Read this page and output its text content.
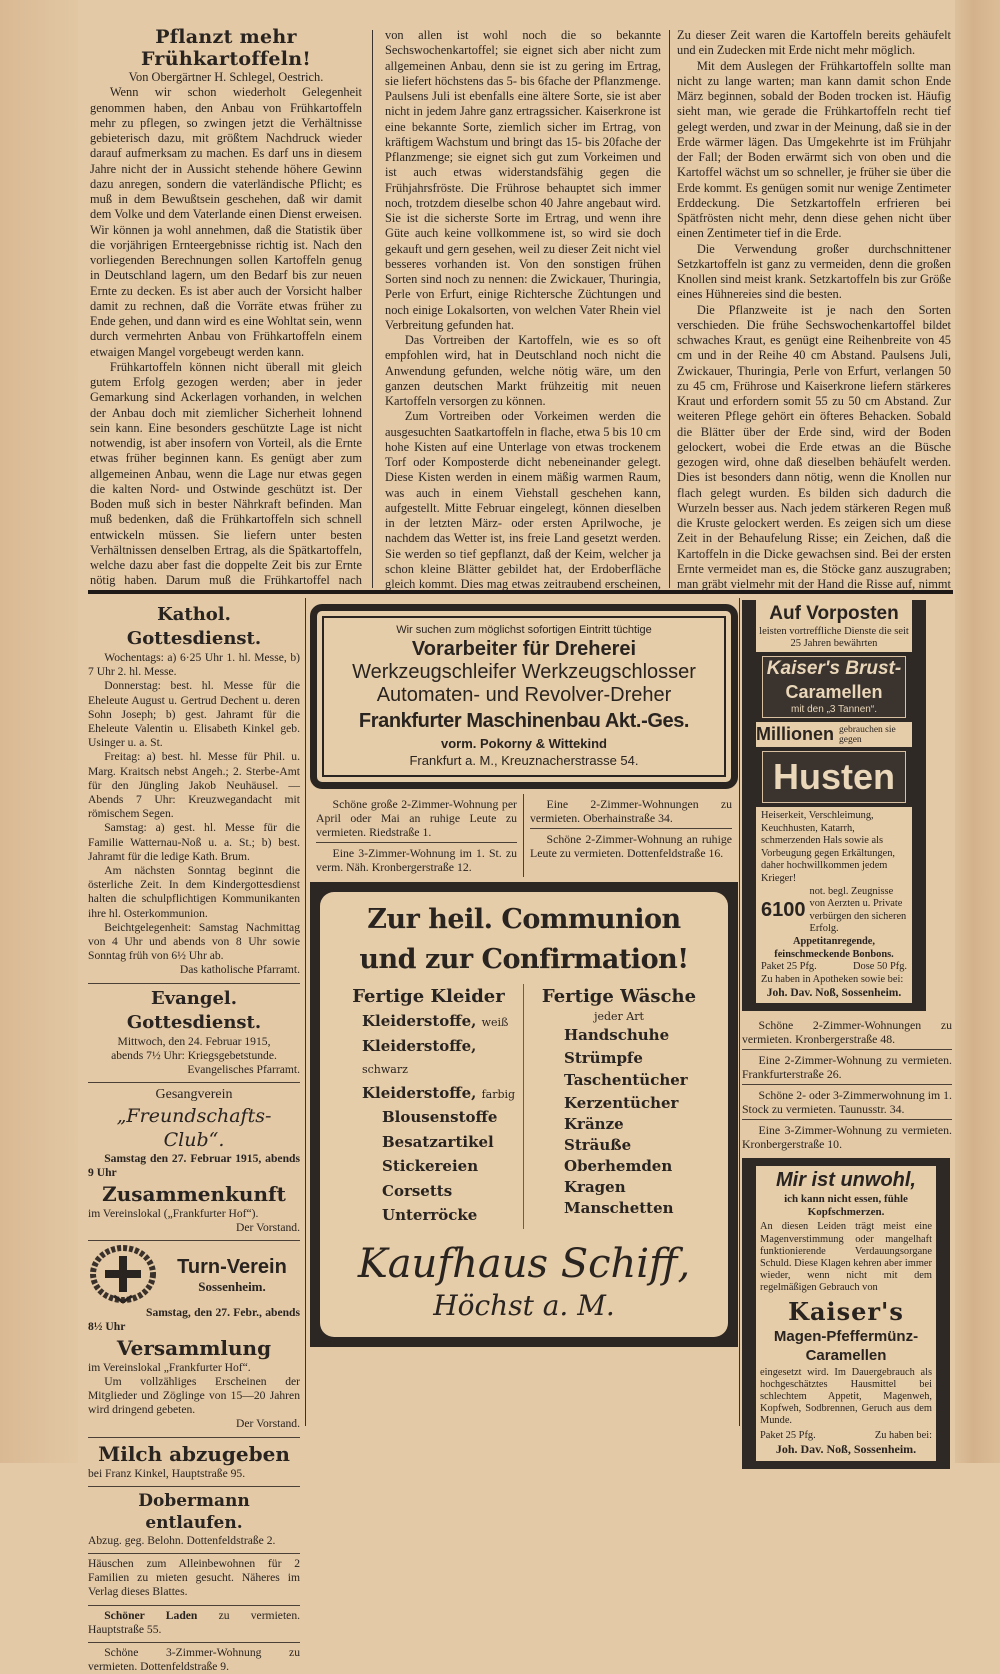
Pflanzt mehr Frühkartoffeln!

Von Obergärtner H. Schlegel, Oestrich.

Wenn wir schon wiederholt Gelegenheit genommen haben, den Anbau von Frühkartoffeln mehr zu pflegen, so zwingen jetzt die Verhältnisse gebieterisch dazu, mit größtem Nachdruck wieder darauf aufmerksam zu machen. Es darf uns in diesem Jahre nicht der in Aussicht stehende höhere Gewinn dazu anregen, sondern die vaterländische Pflicht; es muß in dem Bewußtsein geschehen, daß wir damit dem Volke und dem Vaterlande einen Dienst erweisen. Wir können ja wohl annehmen, daß die Statistik über die vorjährigen Ernteergebnisse richtig ist. Nach den vorliegenden Berechnungen sollen Kartoffeln genug in Deutschland lagern, um den Bedarf bis zur neuen Ernte zu decken. Es ist aber auch der Vorsicht halber damit zu rechnen, daß die Vorräte etwas früher zu Ende gehen, und dann wird es eine Wohltat sein, wenn durch vermehrten Anbau von Frühkartoffeln einem etwaigen Mangel vorgebeugt werden kann.

Frühkartoffeln können nicht überall mit gleich gutem Erfolg gezogen werden; aber in jeder Gemarkung sind Ackerlagen vorhanden, in welchen der Anbau doch mit ziemlicher Sicherheit lohnend sein kann. Eine besonders geschützte Lage ist nicht notwendig, ist aber insofern von Vorteil, als die Ernte etwas früher beginnen kann. Es genügt aber zum allgemeinen Anbau, wenn die Lage nur etwas gegen die kalten Nord- und Ostwinde geschützt ist. Der Boden muß sich in bester Nährkraft befinden. Man muß bedenken, daß die Frühkartoffeln sich schnell entwickeln müssen. Sie liefern unter besten Verhältnissen denselben Ertrag, als die Spätkartoffeln, welche dazu aber fast die doppelte Zeit bis zur Ernte nötig haben. Darum muß die Frühkartoffel nach

von allen ist wohl noch die so bekannte Sechswochenkartoffel; sie eignet sich aber nicht zum allgemeinen Anbau, denn sie ist zu gering im Ertrag, sie liefert höchstens das 5- bis 6fache der Pflanzmenge. Paulsens Juli ist ebenfalls eine ältere Sorte, sie ist aber nicht in jedem Jahre ganz ertragssicher. Kaiserkrone ist eine bekannte Sorte, ziemlich sicher im Ertrag, von kräftigem Wachstum und bringt das 15- bis 20fache der Pflanzmenge; sie eignet sich gut zum Vorkeimen und ist auch etwas widerstandsfähig gegen die Frühjahrsfröste. Die Frührose behauptet sich immer noch, trotzdem dieselbe schon 40 Jahre angebaut wird. Sie ist die sicherste Sorte im Ertrag, und wenn ihre Güte auch keine vollkommene ist, so wird sie doch gekauft und gern gesehen, weil zu dieser Zeit nicht viel besseres vorhanden ist. Von den sonstigen frühen Sorten sind noch zu nennen: die Zwickauer, Thuringia, Perle von Erfurt, einige Richtersche Züchtungen und noch einige Lokalsorten, von welchen Vater Rhein viel Verbreitung gefunden hat.

Das Vortreiben der Kartoffeln, wie es so oft empfohlen wird, hat in Deutschland noch nicht die Anwendung gefunden, welche nötig wäre, um den ganzen deutschen Markt frühzeitig mit neuen Kartoffeln versorgen zu können.

Zum Vortreiben oder Vorkeimen werden die ausgesuchten Saatkartoffeln in flache, etwa 5 bis 10 cm hohe Kisten auf eine Unterlage von etwas trockenem Torf oder Komposterde dicht nebeneinander gelegt. Diese Kisten werden in einem mäßig warmen Raum, was auch in einem Viehstall geschehen kann, aufgestellt. Mitte Februar eingelegt, können dieselben in der letzten März- oder ersten Aprilwoche, je nachdem das Wetter ist, ins freie Land gesetzt werden. Sie werden so tief gepflanzt, daß der Keim, welcher ja schon kleine Blätter gebildet hat, der Erdoberfläche gleich kommt. Dies mag etwas zeitraubend erscheinen,

Zu dieser Zeit waren die Kartoffeln bereits gehäufelt und ein Zudecken mit Erde nicht mehr möglich.

Mit dem Auslegen der Frühkartoffeln sollte man nicht zu lange warten; man kann damit schon Ende März beginnen, sobald der Boden trocken ist. Häufig sieht man, wie gerade die Frühkartoffeln recht tief gelegt werden, und zwar in der Meinung, daß sie in der Erde wärmer lägen. Das Umgekehrte ist im Frühjahr der Fall; der Boden erwärmt sich von oben und die Kartoffel wächst um so schneller, je früher sie über die Erde kommt. Es genügen somit nur wenige Zentimeter Erddeckung. Die Setzkartoffeln erfrieren bei Spätfrösten nicht mehr, denn diese gehen nicht über einen Zentimeter tief in die Erde.

Die Verwendung großer durchschnittener Setzkartoffeln ist ganz zu vermeiden, denn die großen Knollen sind meist krank. Setzkartoffeln bis zur Größe eines Hühnereies sind die besten.

Die Pflanzweite ist je nach den Sorten verschieden. Die frühe Sechswochenkartoffel bildet schwaches Kraut, es genügt eine Reihenbreite von 45 cm und in der Reihe 40 cm Abstand. Paulsens Juli, Zwickauer, Thuringia, Perle von Erfurt, verlangen 50 zu 45 cm, Frührose und Kaiserkrone liefern stärkeres Kraut und erfordern somit 55 zu 50 cm Abstand. Zur weiteren Pflege gehört ein öfteres Behacken. Sobald die Blätter über der Erde sind, wird der Boden gelockert, wobei die Erde etwas an die Büsche gezogen wird, ohne daß dieselben behäufelt werden. Dies ist besonders dann nötig, wenn die Knollen nur flach gelegt wurden. Es bilden sich dadurch die Wurzeln besser aus. Nach jedem stärkeren Regen muß die Kruste gelockert werden. Es zeigen sich um diese Zeit in der Behaufelung Risse; ein Zeichen, daß die Kartoffeln in die Dicke gewachsen sind. Bei der ersten Ernte vermeidet man es, die Stöcke ganz auszugraben; man gräbt vielmehr mit der Hand die Risse auf, nimmt

Kathol. Gottesdienst.

Wochentags: a) 6·25 Uhr 1. hl. Messe, b) 7 Uhr 2. hl. Messe.

Donnerstag: best. hl. Messe für die Eheleute August u. Gertrud Dechent u. deren Sohn Joseph; b) gest. Jahramt für die Eheleute Valentin u. Elisabeth Kinkel geb. Usinger u. a. St.

Freitag: a) best. hl. Messe für Phil. u. Marg. Kraitsch nebst Angeh.; 2. Sterbe-Amt für den Jüngling Jakob Neuhäusel. — Abends 7 Uhr: Kreuzwegandacht mit römischem Segen.

Samstag: a) gest. hl. Messe für die Familie Watternau-Noß u. a. St.; b) best. Jahramt für die ledige Kath. Brum.

Am nächsten Sonntag beginnt die österliche Zeit. In dem Kindergottesdienst halten die schulpflichtigen Kommunikanten ihre hl. Osterkommunion.

Beichtgelegenheit: Samstag Nachmittag von 4 Uhr und abends von 8 Uhr sowie Sonntag früh von 6½ Uhr ab.

Das katholische Pfarramt.

Evangel. Gottesdienst.

Mittwoch, den 24. Februar 1915,

abends 7½ Uhr: Kriegsgebetstunde.

Evangelisches Pfarramt.

Gesangverein

„Freundschafts-Club“.

Samstag den 27. Februar 1915, abends 9 Uhr

Zusammenkunft

im Vereinslokal („Frankfurter Hof“).

Der Vorstand.

Turn-Verein

Sossenheim.

Samstag, den 27. Febr., abends 8½ Uhr

Versammlung

im Vereinslokal „Frankfurter Hof“.

Um vollzähliges Erscheinen der Mitglieder und Zöglinge von 15—20 Jahren wird dringend gebeten.

Der Vorstand.

Milch abzugeben

bei Franz Kinkel, Hauptstraße 95.

Dobermann entlaufen.

Abzug. geg. Belohn. Dottenfeldstraße 2.

Häuschen zum Alleinbewohnen für 2 Familien zu mieten gesucht. Näheres im Verlag dieses Blattes.

Schöner Laden zu vermieten. Hauptstraße 55.

Schöne 3-Zimmer-Wohnung zu vermieten. Dottenfeldstraße 9.

Wir suchen zum möglichst sofortigen Eintritt tüchtige
Vorarbeiter für Dreherei
Werkzeugschleifer Werkzeugschlosser
Automaten- und Revolver-Dreher
Frankfurter Maschinenbau Akt.-Ges.
vorm. Pokorny & Wittekind
Frankfurt a. M., Kreuznacherstrasse 54.

Schöne große 2-Zimmer-Wohnung per April oder Mai an ruhige Leute zu vermieten. Riedstraße 1.

Eine 3-Zimmer-Wohnung im 1. St. zu verm. Näh. Kronbergerstraße 12.

Eine 2-Zimmer-Wohnungen zu vermieten. Oberhainstraße 34.

Schöne 2-Zimmer-Wohnung an ruhige Leute zu vermieten. Dottenfeldstraße 16.

Zur heil. Communion
und zur Confirmation!
Fertige Kleider
Kleiderstoffe, weiß
Kleiderstoffe, schwarz
Kleiderstoffe, farbig
Blousenstoffe
Besatzartikel
Stickereien
Corsetts
Unterröcke
Fertige Wäsche
jeder Art
Handschuhe
Strümpfe
Taschentücher
Kerzentücher
Kränze
Sträuße
Oberhemden
Kragen
Manschetten
Kaufhaus Schiff,
Höchst a. M.
Auf Vorposten
leisten vortreffliche Dienste die seit 25 Jahren bewährten
Kaiser's Brust-
Caramellen
mit den „3 Tannen“.
Millionen gebrauchen sie gegen
Husten

Heiserkeit, Verschleimung, Keuchhusten, Katarrh, schmerzenden Hals sowie als Vorbeugung gegen Erkältungen, daher hochwillkommen jedem Krieger!

6100
not. begl. Zeugnisse von Aerzten u. Private verbürgen den sicheren Erfolg.

Appetitanregende, feinschmeckende Bonbons.

Paket 25 Pfg.	Dose 50 Pfg.

Zu haben in Apotheken sowie bei:

Joh. Dav. Noß, Sossenheim.

Schöne 2-Zimmer-Wohnungen zu vermieten. Kronbergerstraße 48.

Eine 2-Zimmer-Wohnung zu vermieten. Frankfurterstraße 26.

Schöne 2- oder 3-Zimmerwohnung im 1. Stock zu vermieten. Taunusstr. 34.

Eine 3-Zimmer-Wohnung zu vermieten. Kronbergerstraße 10.

Mir ist unwohl,
ich kann nicht essen, fühle Kopfschmerzen.

An diesen Leiden trägt meist eine Magenverstimmung oder mangelhaft funktionierende Verdauungsorgane Schuld. Diese Klagen kehren aber immer wieder, wenn nicht mit dem regelmäßigen Gebrauch von

Kaiser's
Magen-Pfeffermünz-
Caramellen

eingesetzt wird. Im Dauergebrauch als hochgeschätztes Hausmittel bei schlechtem Appetit, Magenweh, Kopfweh, Sodbrennen, Geruch aus dem Munde.

Paket 25 Pfg.	Zu haben bei:
Joh. Dav. Noß, Sossenheim.
